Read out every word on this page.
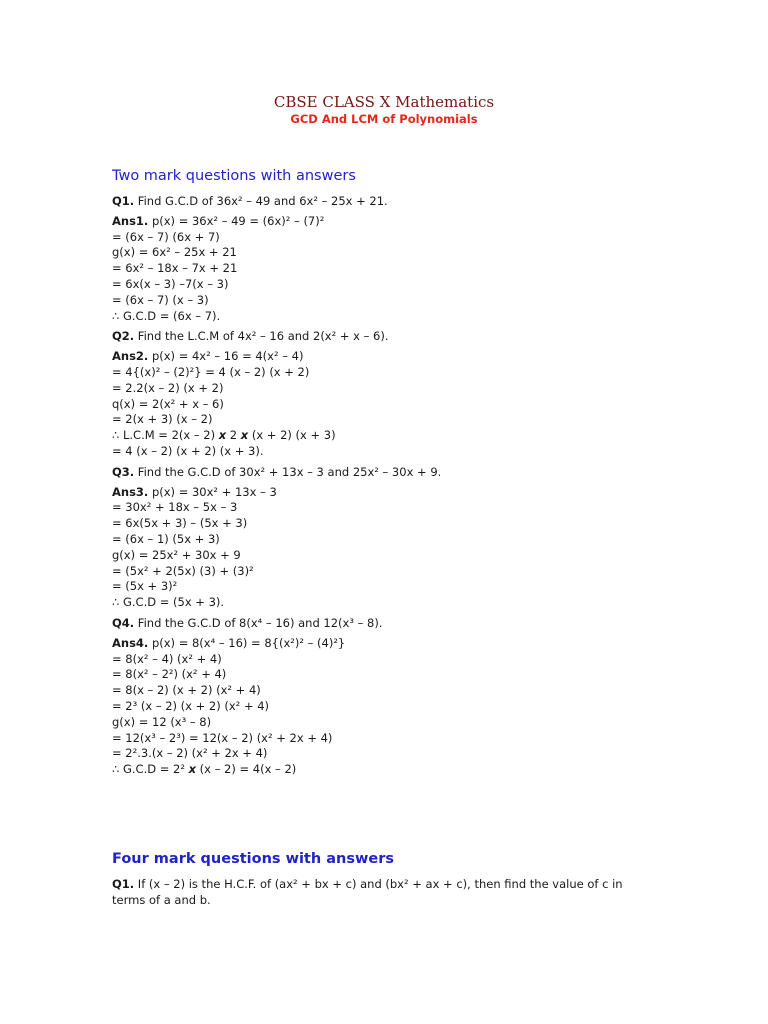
CBSE CLASS X Mathematics
GCD And LCM of Polynomials
Two mark questions with answers
Q1. Find G.C.D of 36x² – 49 and 6x² – 25x + 21.
Ans1. p(x) = 36x² – 49 = (6x)² – (7)²
= (6x – 7) (6x + 7)
g(x) = 6x² – 25x + 21
= 6x² – 18x – 7x + 21
= 6x(x – 3) –7(x – 3)
= (6x – 7) (x – 3)
∴ G.C.D = (6x – 7).
Q2. Find the L.C.M of 4x² – 16 and 2(x² + x – 6).
Ans2. p(x) = 4x² – 16 = 4(x² – 4)
= 4{(x)² – (2)²} = 4 (x – 2) (x + 2)
= 2.2(x – 2) (x + 2)
q(x) = 2(x² + x – 6)
= 2(x + 3) (x – 2)
∴ L.C.M = 2(x – 2) 𝙭 2 𝙭 (x + 2) (x + 3)
= 4 (x – 2) (x + 2) (x + 3).
Q3. Find the G.C.D of 30x² + 13x – 3 and 25x² – 30x + 9.
Ans3. p(x) = 30x² + 13x – 3
= 30x² + 18x – 5x – 3
= 6x(5x + 3) – (5x + 3)
= (6x – 1) (5x + 3)
g(x) = 25x² + 30x + 9
= (5x² + 2(5x) (3) + (3)²
= (5x + 3)²
∴ G.C.D = (5x + 3).
Q4. Find the G.C.D of 8(x⁴ – 16) and 12(x³ – 8).
Ans4. p(x) = 8(x⁴ – 16) = 8{(x²)² – (4)²}
= 8(x² – 4) (x² + 4)
= 8(x² – 2²) (x² + 4)
= 8(x – 2) (x + 2) (x² + 4)
= 2³ (x – 2) (x + 2) (x² + 4)
g(x) = 12 (x³ – 8)
= 12(x³ – 2³) = 12(x – 2) (x² + 2x + 4)
= 2².3.(x – 2) (x² + 2x + 4)
∴ G.C.D = 2² 𝙭 (x – 2) = 4(x – 2)
Four mark questions with answers
Q1. If (x – 2) is the H.C.F. of (ax² + bx + c) and (bx² + ax + c), then find the value of c in terms of a and b.
